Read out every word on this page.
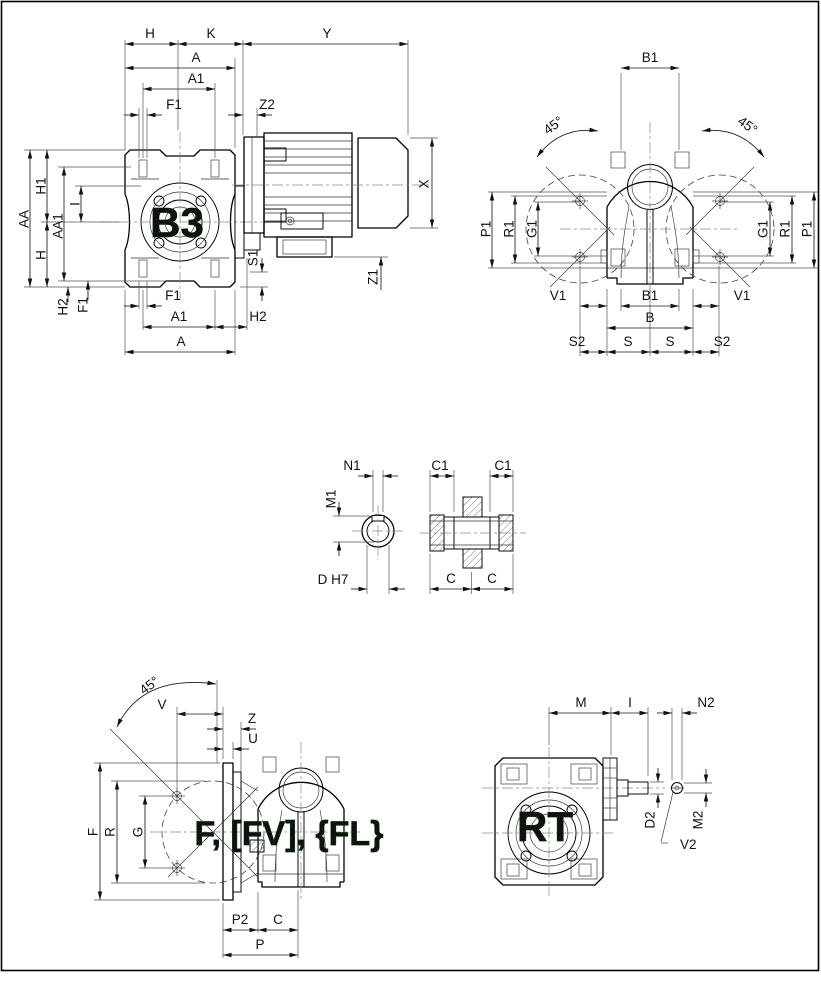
H	K	Y
A
A1
F1	Z2
AA
H1
H
AA1
I
H2 F1
F1
A1	H2
A
S1
X
Z1
B3
45°	45°
B1
P1 R1 G1	G1 R1 P1
V1	B1	V1
B
S2	S S	S2
N1
M1
D H7
C1	C1
C C
45°
V
Z
U
F R G
P2 C
P
F, [FV], {FL}
M	I	N2
D2 M2
V2
RT
